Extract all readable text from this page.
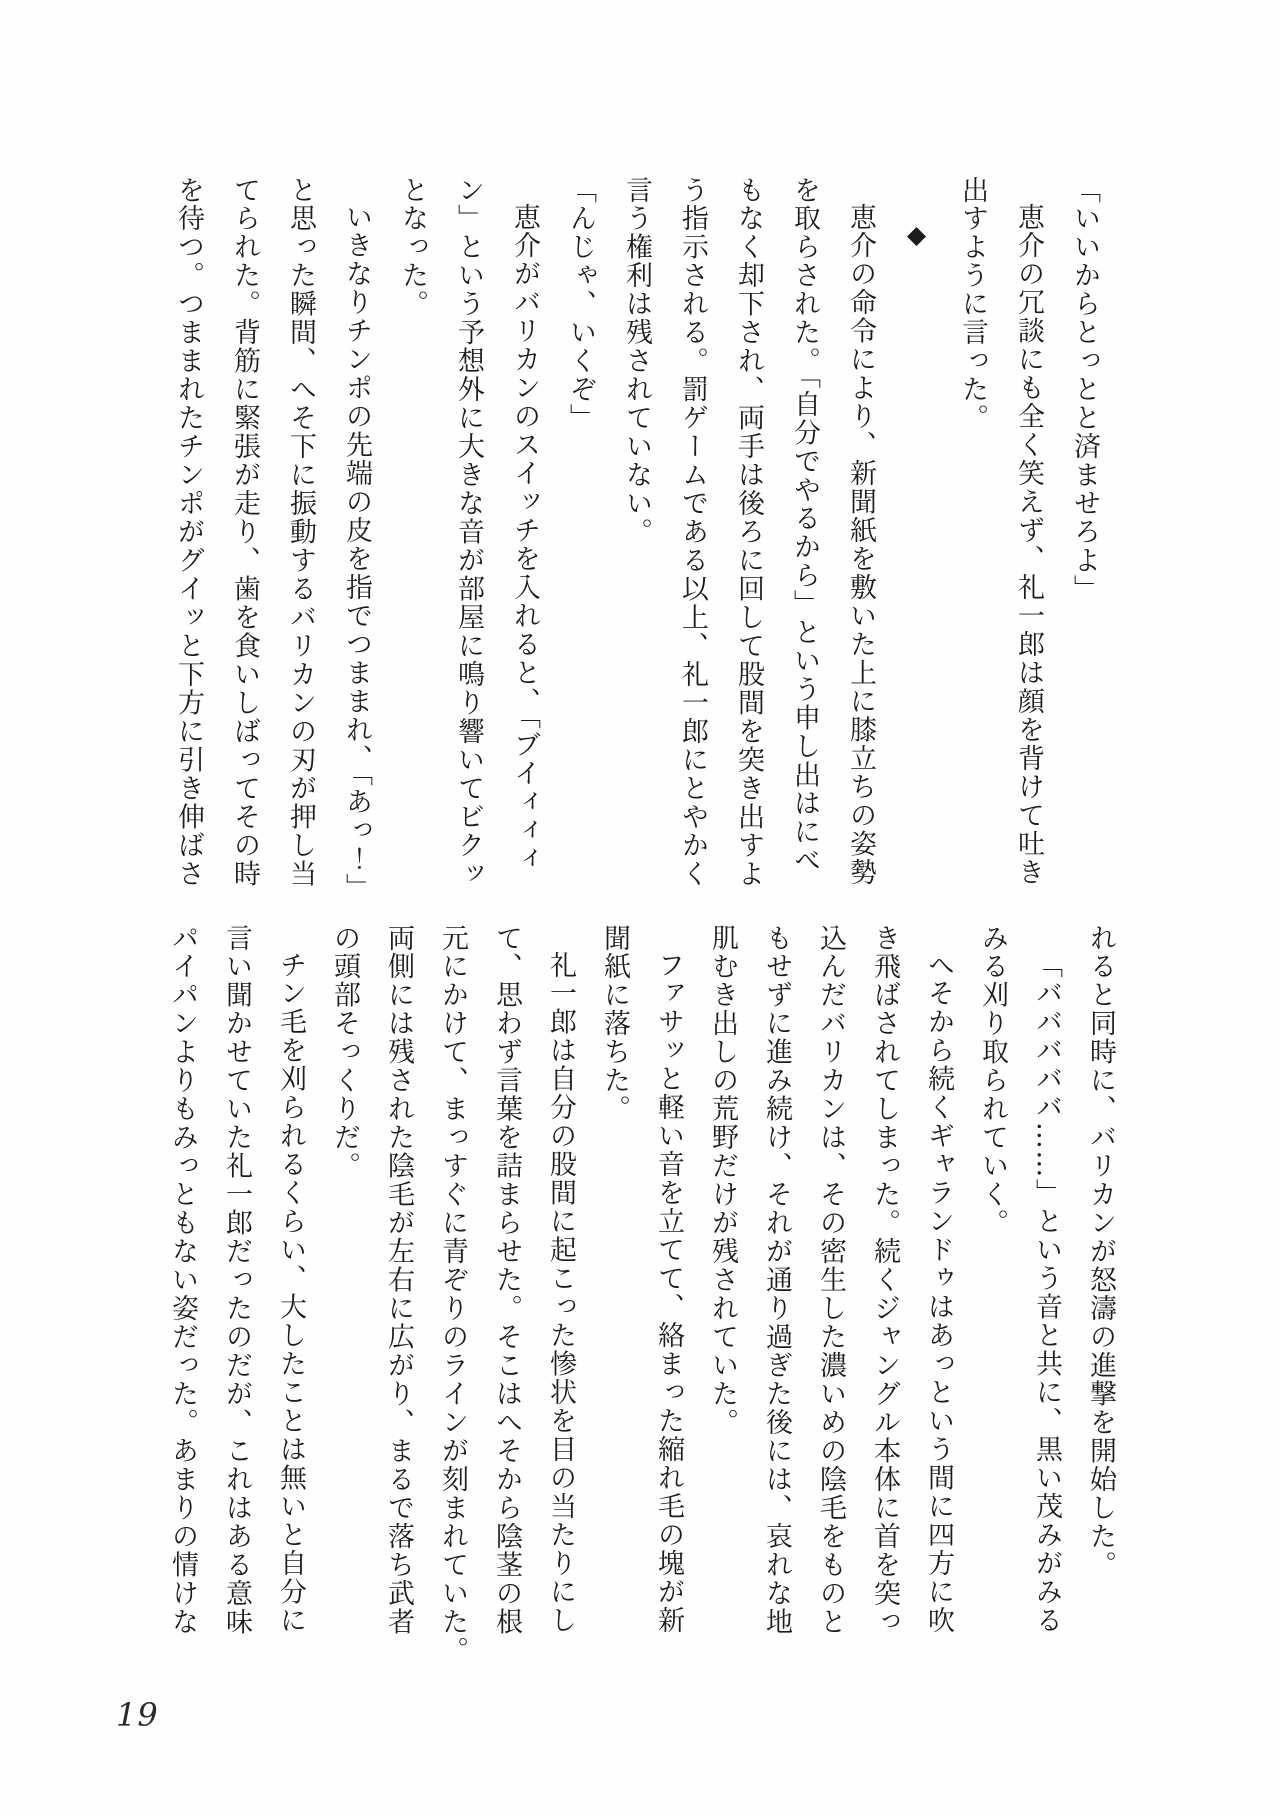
「いいからとっとと済ませろよ」

恵介の冗談にも全く笑えず、礼一郎は顔を背けて吐き

出すように言った。

◆

恵介の命令により、新聞紙を敷いた上に膝立ちの姿勢

を取らされた。「自分でやるから」という申し出はにべ

もなく却下され、両手は後ろに回して股間を突き出すよ

う指示される。罰ゲームである以上、礼一郎にとやかく

言う権利は残されていない。

「んじゃ、いくぞ」

恵介がバリカンのスイッチを入れると、「ブイィィィ

ン」という予想外に大きな音が部屋に鳴り響いてビクッ

となった。

いきなりチンポの先端の皮を指でつままれ、「あっ！」

と思った瞬間、へそ下に振動するバリカンの刃が押し当

てられた。背筋に緊張が走り、歯を食いしばってその時

を待つ。つままれたチンポがグイッと下方に引き伸ばさ

れると同時に、バリカンが怒濤の進撃を開始した。

「バババババ……」という音と共に、黒い茂みがみる

みる刈り取られていく。

へそから続くギャランドゥはあっという間に四方に吹

き飛ばされてしまった。続くジャングル本体に首を突っ

込んだバリカンは、その密生した濃いめの陰毛をものと

もせずに進み続け、それが通り過ぎた後には、哀れな地

肌むき出しの荒野だけが残されていた。

ファサッと軽い音を立てて、絡まった縮れ毛の塊が新

聞紙に落ちた。

礼一郎は自分の股間に起こった惨状を目の当たりにし

て、思わず言葉を詰まらせた。そこはへそから陰茎の根

元にかけて、まっすぐに青ぞりのラインが刻まれていた。

両側には残された陰毛が左右に広がり、まるで落ち武者

の頭部そっくりだ。

チン毛を刈られるくらい、大したことは無いと自分に

言い聞かせていた礼一郎だったのだが、これはある意味

パイパンよりもみっともない姿だった。あまりの情けな

19
